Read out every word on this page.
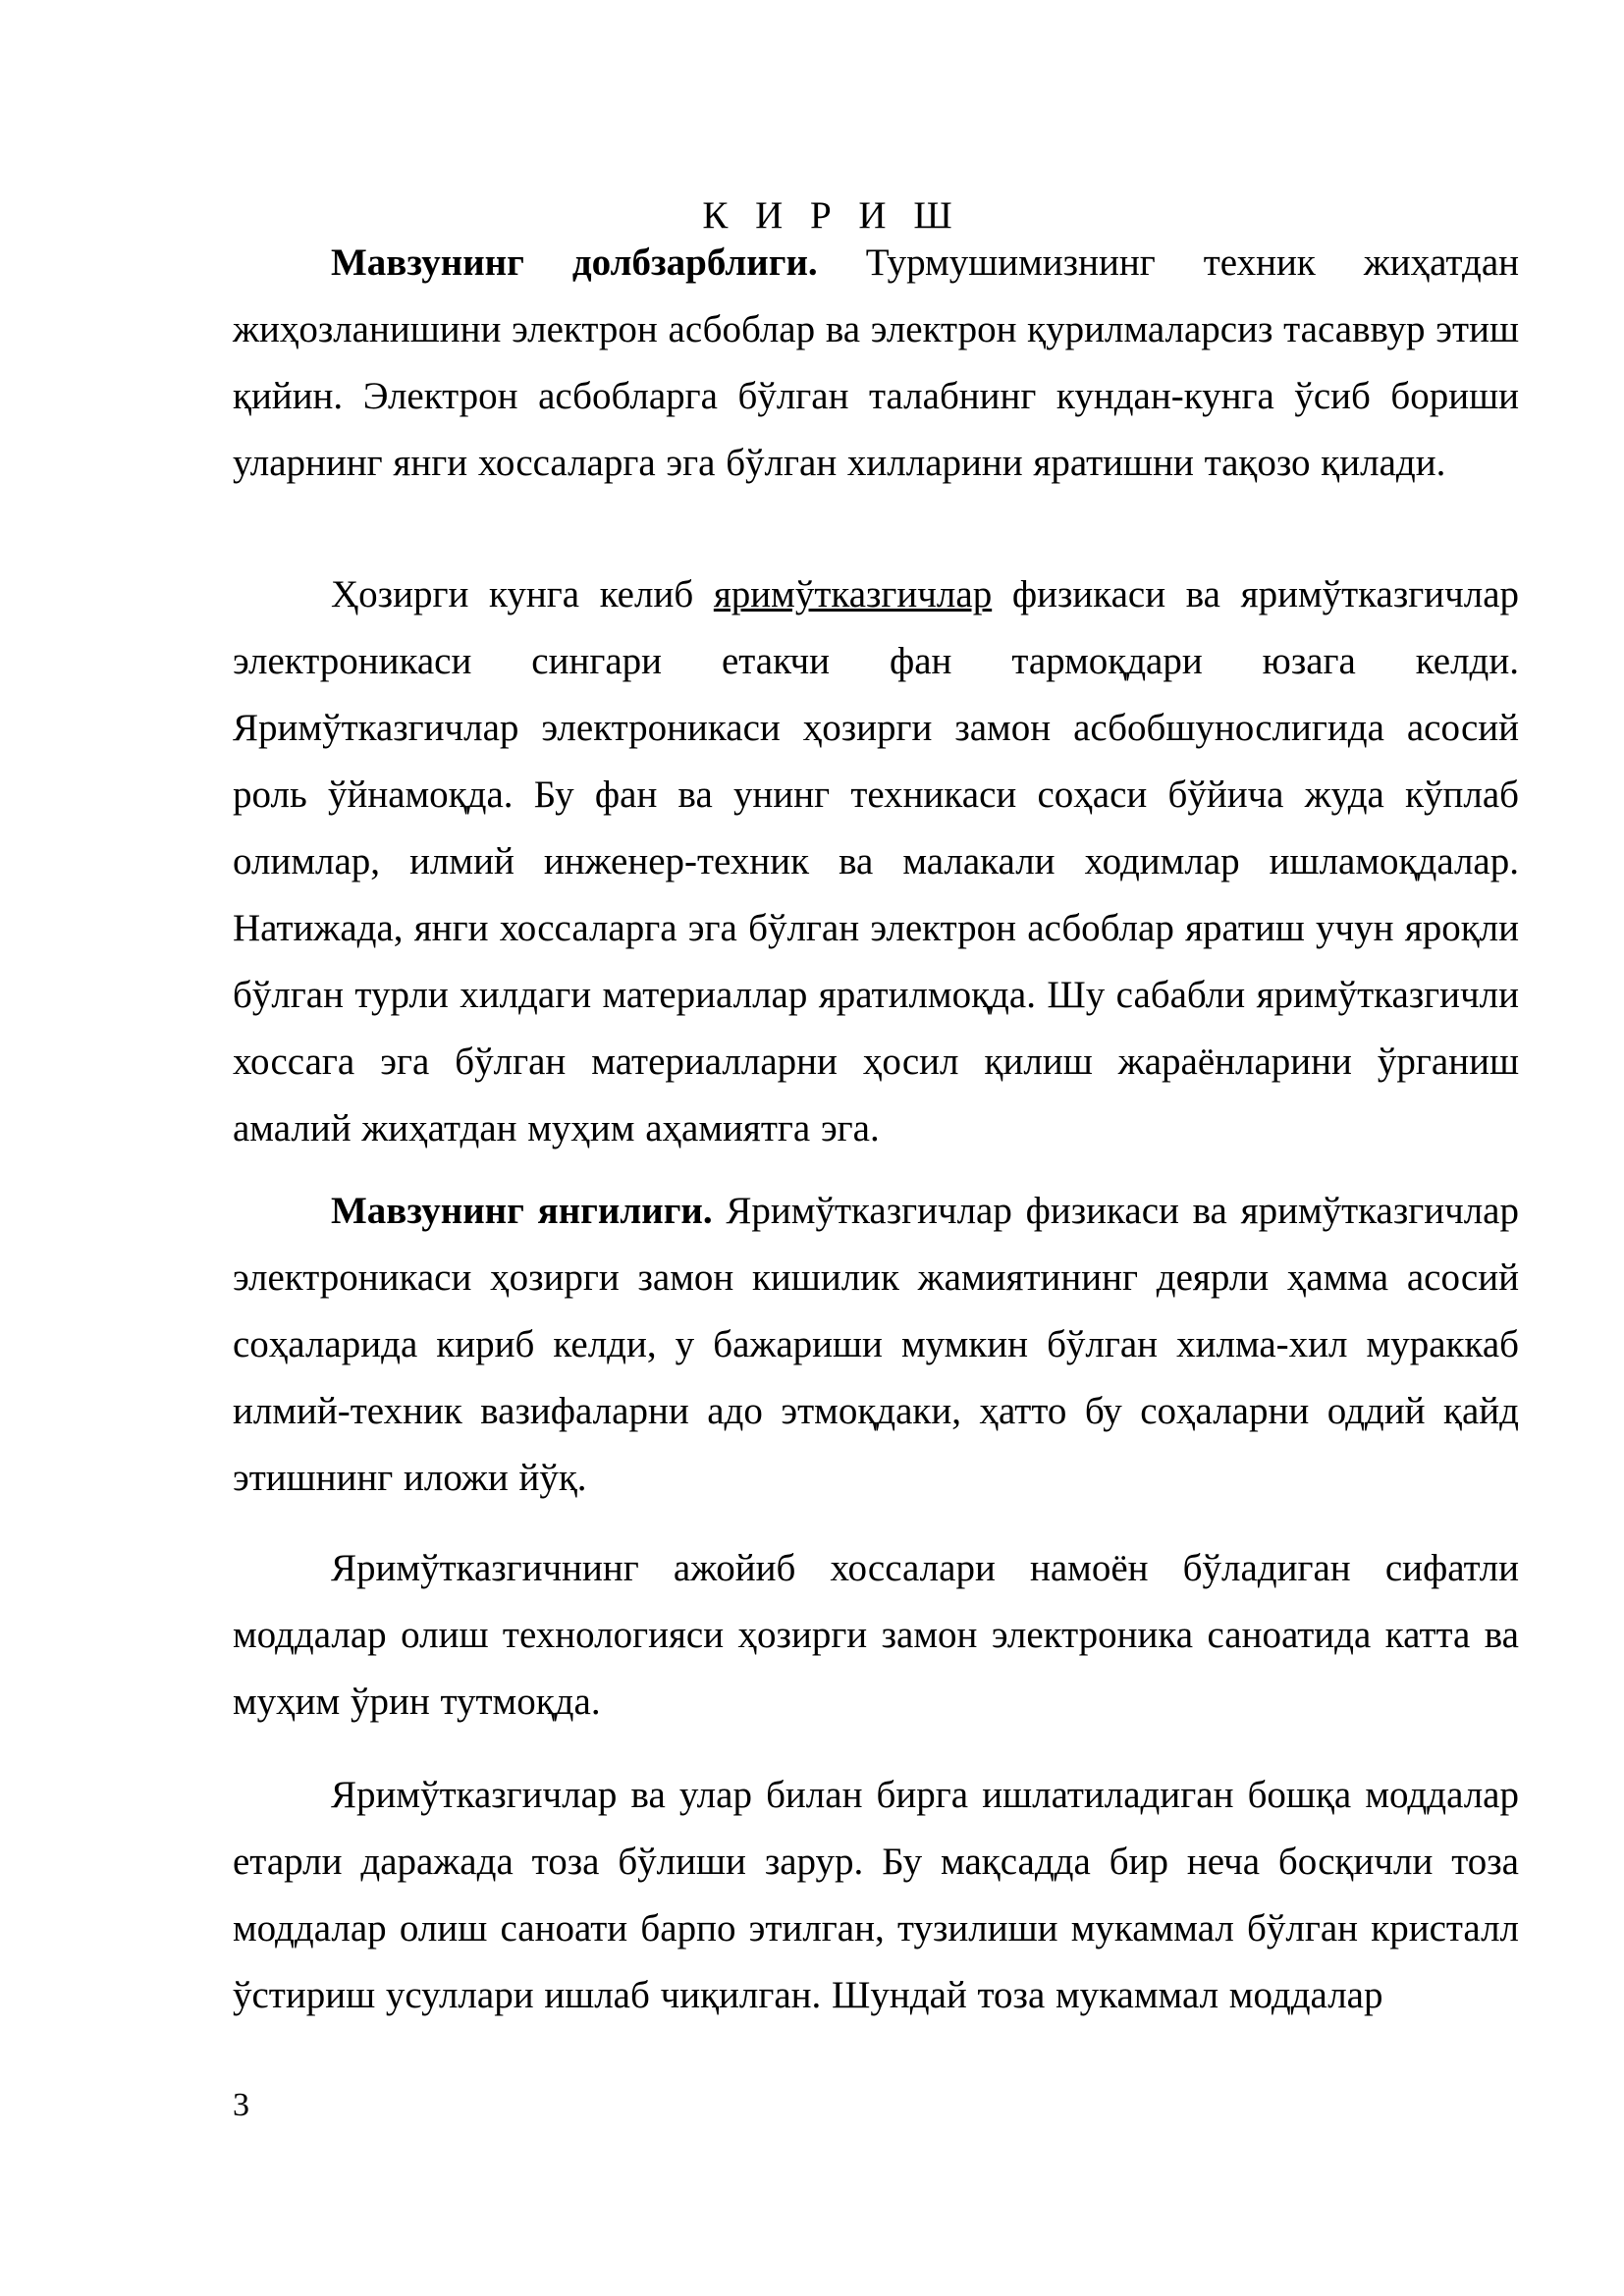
К И Р И Ш

Мавзунинг долбзарблиги. Турмушимизнинг техник жиҳатдан жиҳозланишини электрон асбоблар ва электрон қурилмаларсиз тасаввур этиш қийин. Электрон асбобларга бўлган талабнинг кундан-кунга ўсиб бориши уларнинг янги хоссаларга эга бўлган хилларини яратишни тақозо қилади.

Ҳозирги кунга келиб яримўтказгичлар физикаси ва яримўтказгичлар электроникаси сингари етакчи фан тармоқдари юзага келди. Яримўтказгичлар электроникаси ҳозирги замон асбобшунослигида асосий роль ўйнамоқда. Бу фан ва унинг техникаси соҳаси бўйича жуда кўплаб олимлар, илмий инженер-техник ва малакали ходимлар ишламоқдалар. Натижада, янги хоссаларга эга бўлган электрон асбоблар яратиш учун ярoқли бўлган турли хилдаги материаллар яратилмоқда. Шу сабабли яримўтказгичли хоссага эга бўлган материалларни ҳосил қилиш жараёнларини ўрганиш амалий жиҳатдан муҳим аҳамиятга эга.

Мавзунинг янгилиги. Яримўтказгичлар физикаси ва яримўтказгичлар электроникаси ҳозирги замон кишилик жамиятининг деярли ҳамма асосий соҳаларида кириб келди, у бажариши мумкин бўлган хилма-хил мураккаб илмий-техник вазифаларни адо этмоқдаки, ҳатто бу соҳаларни оддий қайд этишнинг иложи йўқ.

Яримўтказгичнинг ажойиб хоссалари намоён бўладиган сифатли моддалар олиш технологияси ҳозирги замон электроника саноатида катта ва муҳим ўрин тутмоқда.

Яримўтказгичлар ва улар билан бирга ишлатиладиган бошқа моддалар етарли даражада тоза бўлиши зарур. Бу мақсадда бир неча босқичли тоза моддалар олиш саноати барпо этилган, тузилиши мукаммал бўлган кристалл ўстириш усуллари ишлаб чиқилган. Шундай тоза мукаммал моддалар

3
